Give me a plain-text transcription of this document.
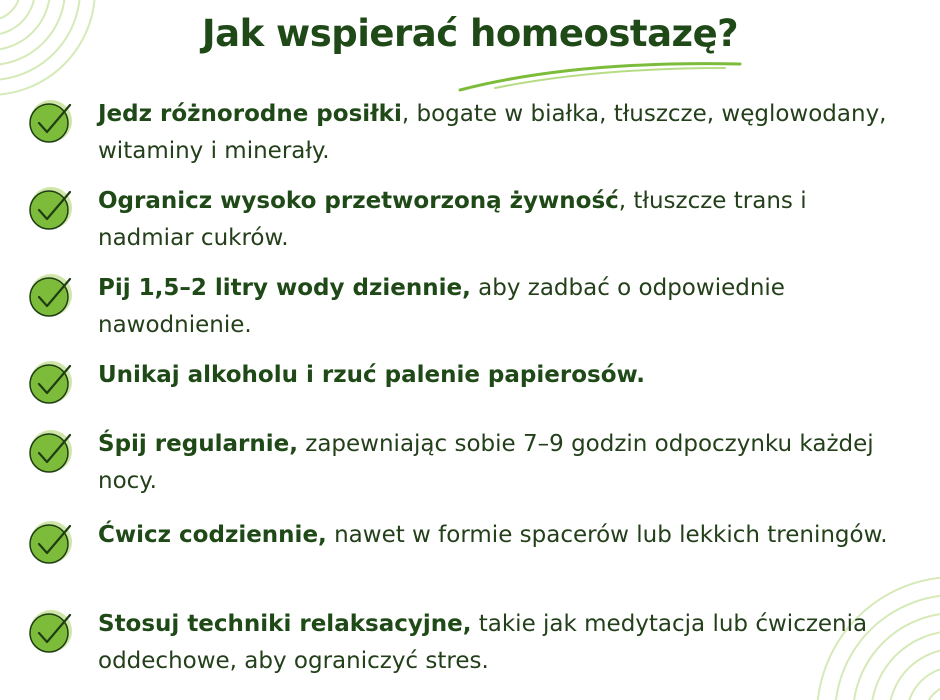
Jak wspierać homeostazę?

Jedz różnorodne posiłki, bogate w białka, tłuszcze, węglowodany, witaminy i minerały.

Ogranicz wysoko przetworzoną żywność, tłuszcze trans i nadmiar cukrów.

Pij 1,5–2 litry wody dziennie, aby zadbać o odpowiednie nawodnienie.

Unikaj alkoholu i rzuć palenie papierosów.

Śpij regularnie, zapewniając sobie 7–9 godzin odpoczynku każdej nocy.

Ćwicz codziennie, nawet w formie spacerów lub lekkich treningów.

Stosuj techniki relaksacyjne, takie jak medytacja lub ćwiczenia oddechowe, aby ograniczyć stres.
